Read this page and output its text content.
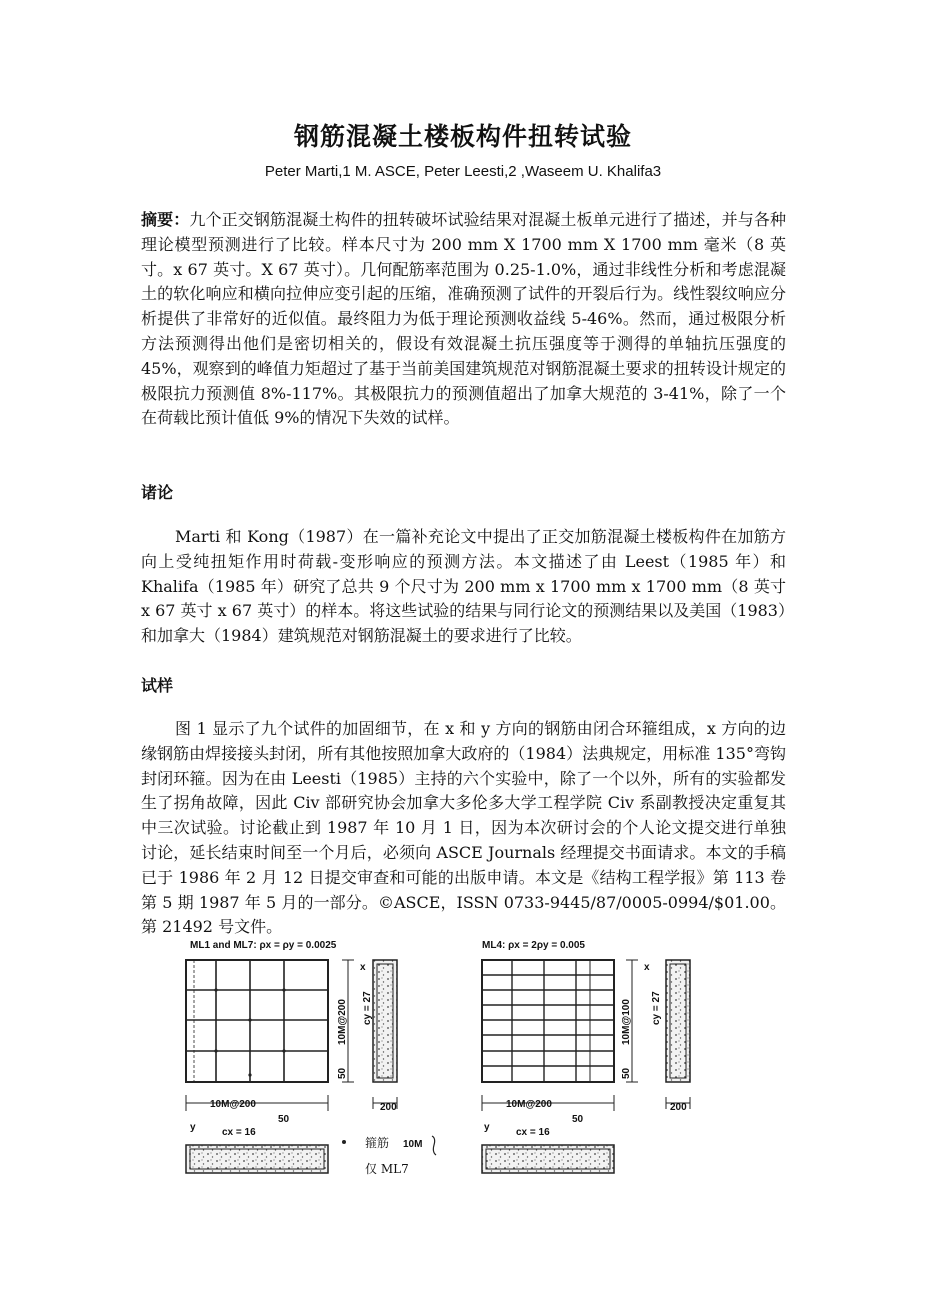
钢筋混凝土楼板构件扭转试验
Peter Marti,1 M. ASCE, Peter Leesti,2 ,Waseem U. Khalifa3
摘要：九个正交钢筋混凝土构件的扭转破坏试验结果对混凝土板单元进行了描述，并与各种理论模型预测进行了比较。样本尺寸为 200 mm X 1700 mm X 1700 mm 毫米（8 英寸。x 67 英寸。X 67 英寸）。几何配筋率范围为 0.25-1.0%，通过非线性分析和考虑混凝土的软化响应和横向拉伸应变引起的压缩，准确预测了试件的开裂后行为。线性裂纹响应分析提供了非常好的近似值。最终阻力为低于理论预测收益线 5-46%。然而，通过极限分析方法预测得出他们是密切相关的，假设有效混凝土抗压强度等于测得的单轴抗压强度的 45%，观察到的峰值力矩超过了基于当前美国建筑规范对钢筋混凝土要求的扭转设计规定的极限抗力预测值 8%-117%。其极限抗力的预测值超出了加拿大规范的 3-41%，除了一个在荷载比预计值低 9%的情况下失效的试样。
诸论
Marti 和 Kong（1987）在一篇补充论文中提出了正交加筋混凝土楼板构件在加筋方向上受纯扭矩作用时荷载-变形响应的预测方法。本文描述了由 Leest（1985 年）和 Khalifa（1985 年）研究了总共 9 个尺寸为 200 mm x 1700 mm x 1700 mm（8 英寸 x 67 英寸 x 67 英寸）的样本。将这些试验的结果与同行论文的预测结果以及美国（1983）和加拿大（1984）建筑规范对钢筋混凝土的要求进行了比较。
试样
图 1 显示了九个试件的加固细节，在 x 和 y 方向的钢筋由闭合环箍组成，x 方向的边缘钢筋由焊接接头封闭，所有其他按照加拿大政府的（1984）法典规定，用标准 135°弯钩封闭环箍。因为在由 Leesti（1985）主持的六个实验中，除了一个以外，所有的实验都发生了拐角故障，因此 Civ 部研究协会加拿大多伦多大学工程学院 Civ 系副教授决定重复其中三次试验。讨论截止到 1987 年 10 月 1 日，因为本次研讨会的个人论文提交进行单独讨论，延长结束时间至一个月后，必须向 ASCE Journals 经理提交书面请求。本文的手稿已于 1986 年 2 月 12 日提交审查和可能的出版申请。本文是《结构工程学报》第 113 卷第 5 期 1987 年 5 月的一部分。©ASCE，ISSN 0733-9445/87/0005-0994/$01.00。第 21492 号文件。
ML1 and ML7: ρx = ρy = 0.0025
10M@200
50
x
cy = 27
200
10M@200
50
y	cx = 16
箍筋 10M
仅 ML7
ML4: ρx = 2ρy = 0.005
10M@100
50
x
cy = 27
200
10M@200
50
y	cx = 16
